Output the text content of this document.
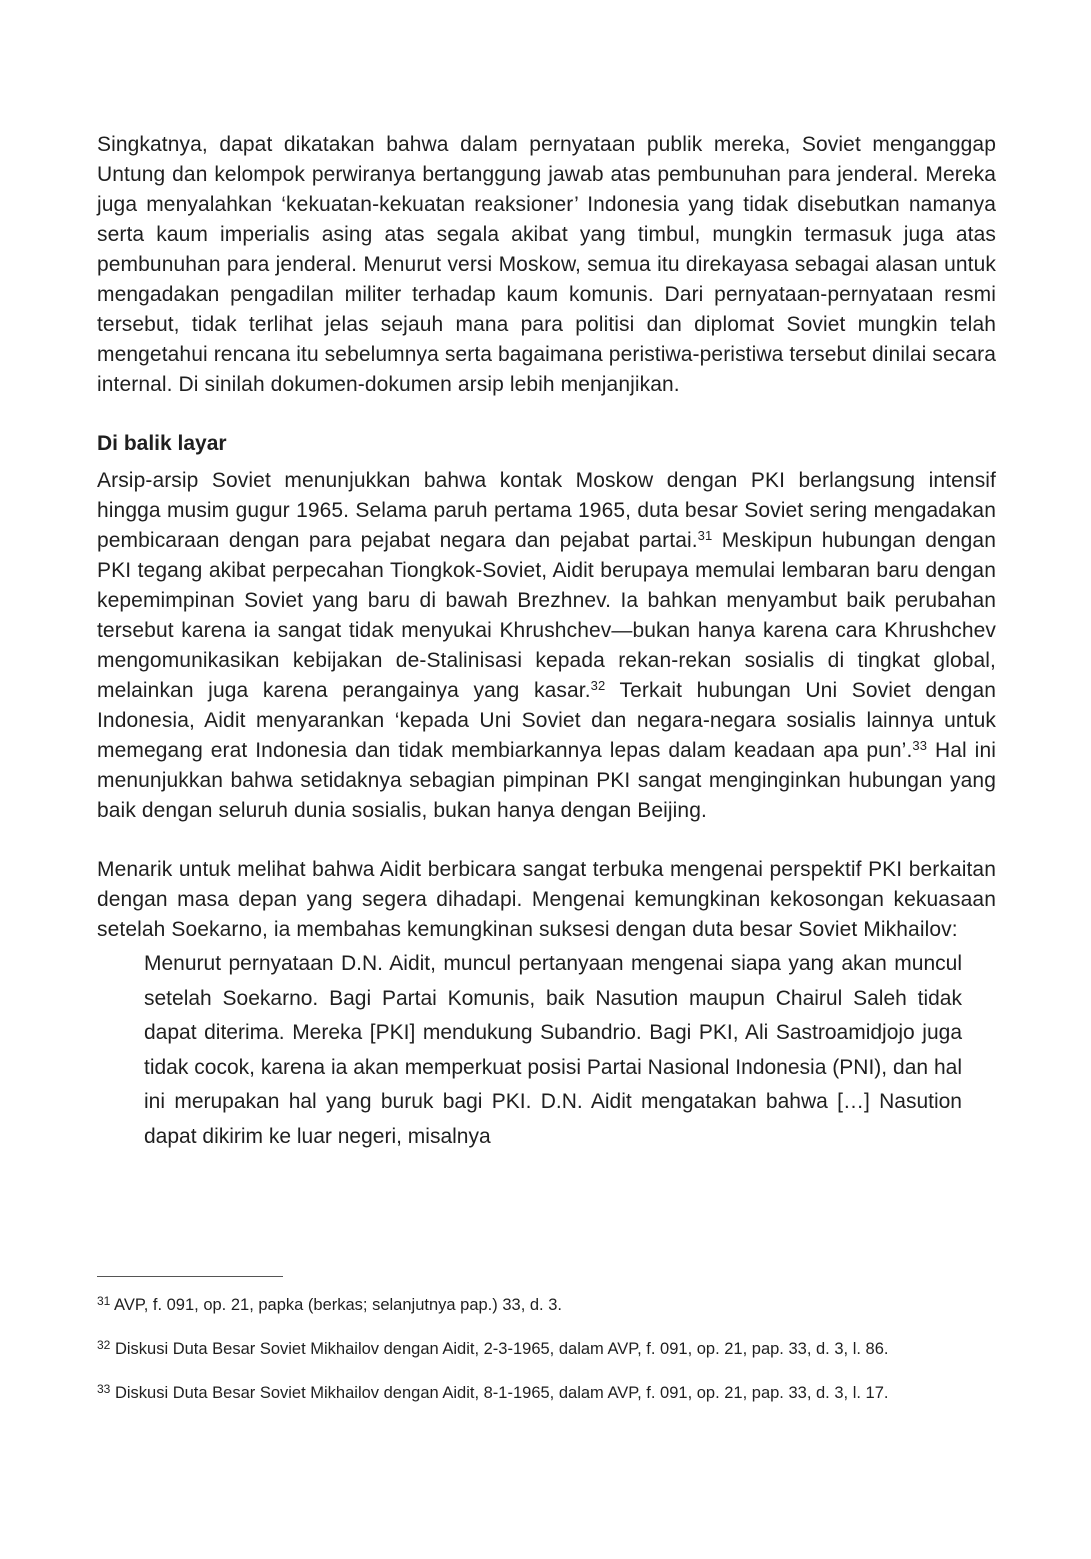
Singkatnya, dapat dikatakan bahwa dalam pernyataan publik mereka, Soviet menganggap Untung dan kelompok perwiranya bertanggung jawab atas pembunuhan para jenderal. Mereka juga menyalahkan ‘kekuatan-kekuatan reaksioner’ Indonesia yang tidak disebutkan namanya serta kaum imperialis asing atas segala akibat yang timbul, mungkin termasuk juga atas pembunuhan para jenderal. Menurut versi Moskow, semua itu direkayasa sebagai alasan untuk mengadakan pengadilan militer terhadap kaum komunis. Dari pernyataan-pernyataan resmi tersebut, tidak terlihat jelas sejauh mana para politisi dan diplomat Soviet mungkin telah mengetahui rencana itu sebelumnya serta bagaimana peristiwa-peristiwa tersebut dinilai secara internal. Di sinilah dokumen-dokumen arsip lebih menjanjikan.

Di balik layar

Arsip-arsip Soviet menunjukkan bahwa kontak Moskow dengan PKI berlangsung intensif hingga musim gugur 1965. Selama paruh pertama 1965, duta besar Soviet sering mengadakan pembicaraan dengan para pejabat negara dan pejabat partai.$^{31}$ Meskipun hubungan dengan PKI tegang akibat perpecahan Tiongkok-Soviet, Aidit berupaya memulai lembaran baru dengan kepemimpinan Soviet yang baru di bawah Brezhnev. Ia bahkan menyambut baik perubahan tersebut karena ia sangat tidak menyukai Khrushchev—bukan hanya karena cara Khrushchev mengomunikasikan kebijakan de-Stalinisasi kepada rekan-rekan sosialis di tingkat global, melainkan juga karena perangainya yang kasar.$^{32}$ Terkait hubungan Uni Soviet dengan Indonesia, Aidit menyarankan ‘kepada Uni Soviet dan negara-negara sosialis lainnya untuk memegang erat Indonesia dan tidak membiarkannya lepas dalam keadaan apa pun’.$^{33}$ Hal ini menunjukkan bahwa setidaknya sebagian pimpinan PKI sangat menginginkan hubungan yang baik dengan seluruh dunia sosialis, bukan hanya dengan Beijing.

Menarik untuk melihat bahwa Aidit berbicara sangat terbuka mengenai perspektif PKI berkaitan dengan masa depan yang segera dihadapi. Mengenai kemungkinan kekosongan kekuasaan setelah Soekarno, ia membahas kemungkinan suksesi dengan duta besar Soviet Mikhailov:

Menurut pernyataan D.N. Aidit, muncul pertanyaan mengenai siapa yang akan muncul setelah Soekarno. Bagi Partai Komunis, baik Nasution maupun Chairul Saleh tidak dapat diterima. Mereka [PKI] mendukung Subandrio. Bagi PKI, Ali Sastroamidjojo juga tidak cocok, karena ia akan memperkuat posisi Partai Nasional Indonesia (PNI), dan hal ini merupakan hal yang buruk bagi PKI. D.N. Aidit mengatakan bahwa […] Nasution dapat dikirim ke luar negeri, misalnya

$^{31}$ AVP, f. 091, op. 21, papka (berkas; selanjutnya pap.) 33, d. 3.

$^{32}$ Diskusi Duta Besar Soviet Mikhailov dengan Aidit, 2-3-1965, dalam AVP, f. 091, op. 21, pap. 33, d. 3, l. 86.

$^{33}$ Diskusi Duta Besar Soviet Mikhailov dengan Aidit, 8-1-1965, dalam AVP, f. 091, op. 21, pap. 33, d. 3, l. 17.
